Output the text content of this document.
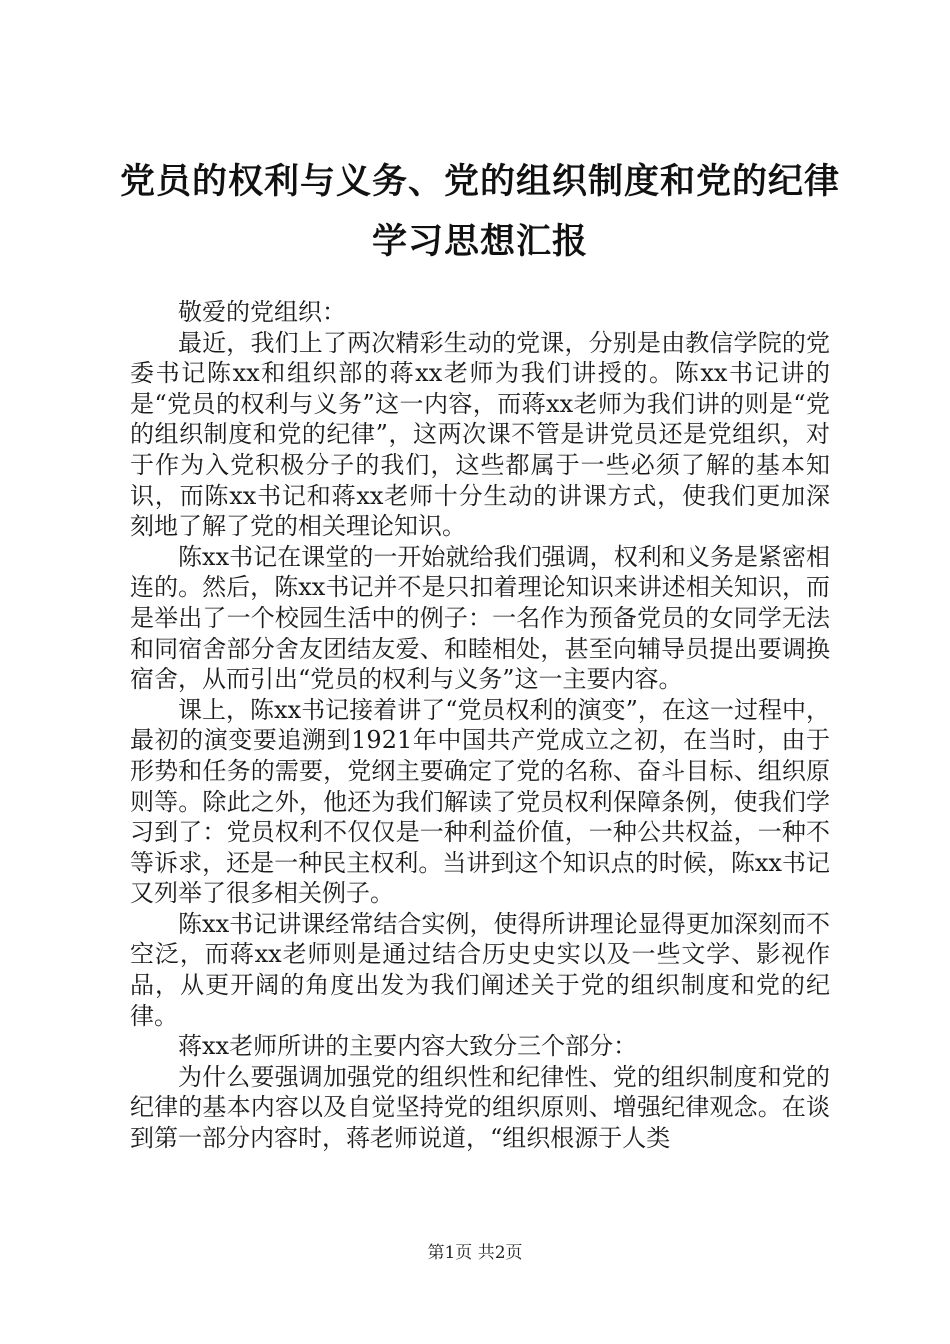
党员的权利与义务、党的组织制度和党的纪律
学习思想汇报

敬爱的党组织：

最近，我们上了两次精彩生动的党课，分别是由教信学院的党委书记陈xx和组织部的蒋xx老师为我们讲授的。陈xx书记讲的是“党员的权利与义务”这一内容，而蒋xx老师为我们讲的则是“党的组织制度和党的纪律”，这两次课不管是讲党员还是党组织，对于作为入党积极分子的我们，这些都属于一些必须了解的基本知识，而陈xx书记和蒋xx老师十分生动的讲课方式，使我们更加深刻地了解了党的相关理论知识。

陈xx书记在课堂的一开始就给我们强调，权利和义务是紧密相连的。然后，陈xx书记并不是只扣着理论知识来讲述相关知识，而是举出了一个校园生活中的例子：一名作为预备党员的女同学无法和同宿舍部分舍友团结友爱、和睦相处，甚至向辅导员提出要调换宿舍，从而引出“党员的权利与义务”这一主要内容。

课上，陈xx书记接着讲了“党员权利的演变”，在这一过程中，最初的演变要追溯到1921年中国共产党成立之初，在当时，由于形势和任务的需要，党纲主要确定了党的名称、奋斗目标、组织原则等。除此之外，他还为我们解读了党员权利保障条例，使我们学习到了：党员权利不仅仅是一种利益价值，一种公共权益，一种不等诉求，还是一种民主权利。当讲到这个知识点的时候，陈xx书记又列举了很多相关例子。

陈xx书记讲课经常结合实例，使得所讲理论显得更加深刻而不空泛，而蒋xx老师则是通过结合历史史实以及一些文学、影视作品，从更开阔的角度出发为我们阐述关于党的组织制度和党的纪律。

蒋xx老师所讲的主要内容大致分三个部分：

为什么要强调加强党的组织性和纪律性、党的组织制度和党的纪律的基本内容以及自觉坚持党的组织原则、增强纪律观念。在谈到第一部分内容时，蒋老师说道，“组织根源于人类

第1页 共2页
